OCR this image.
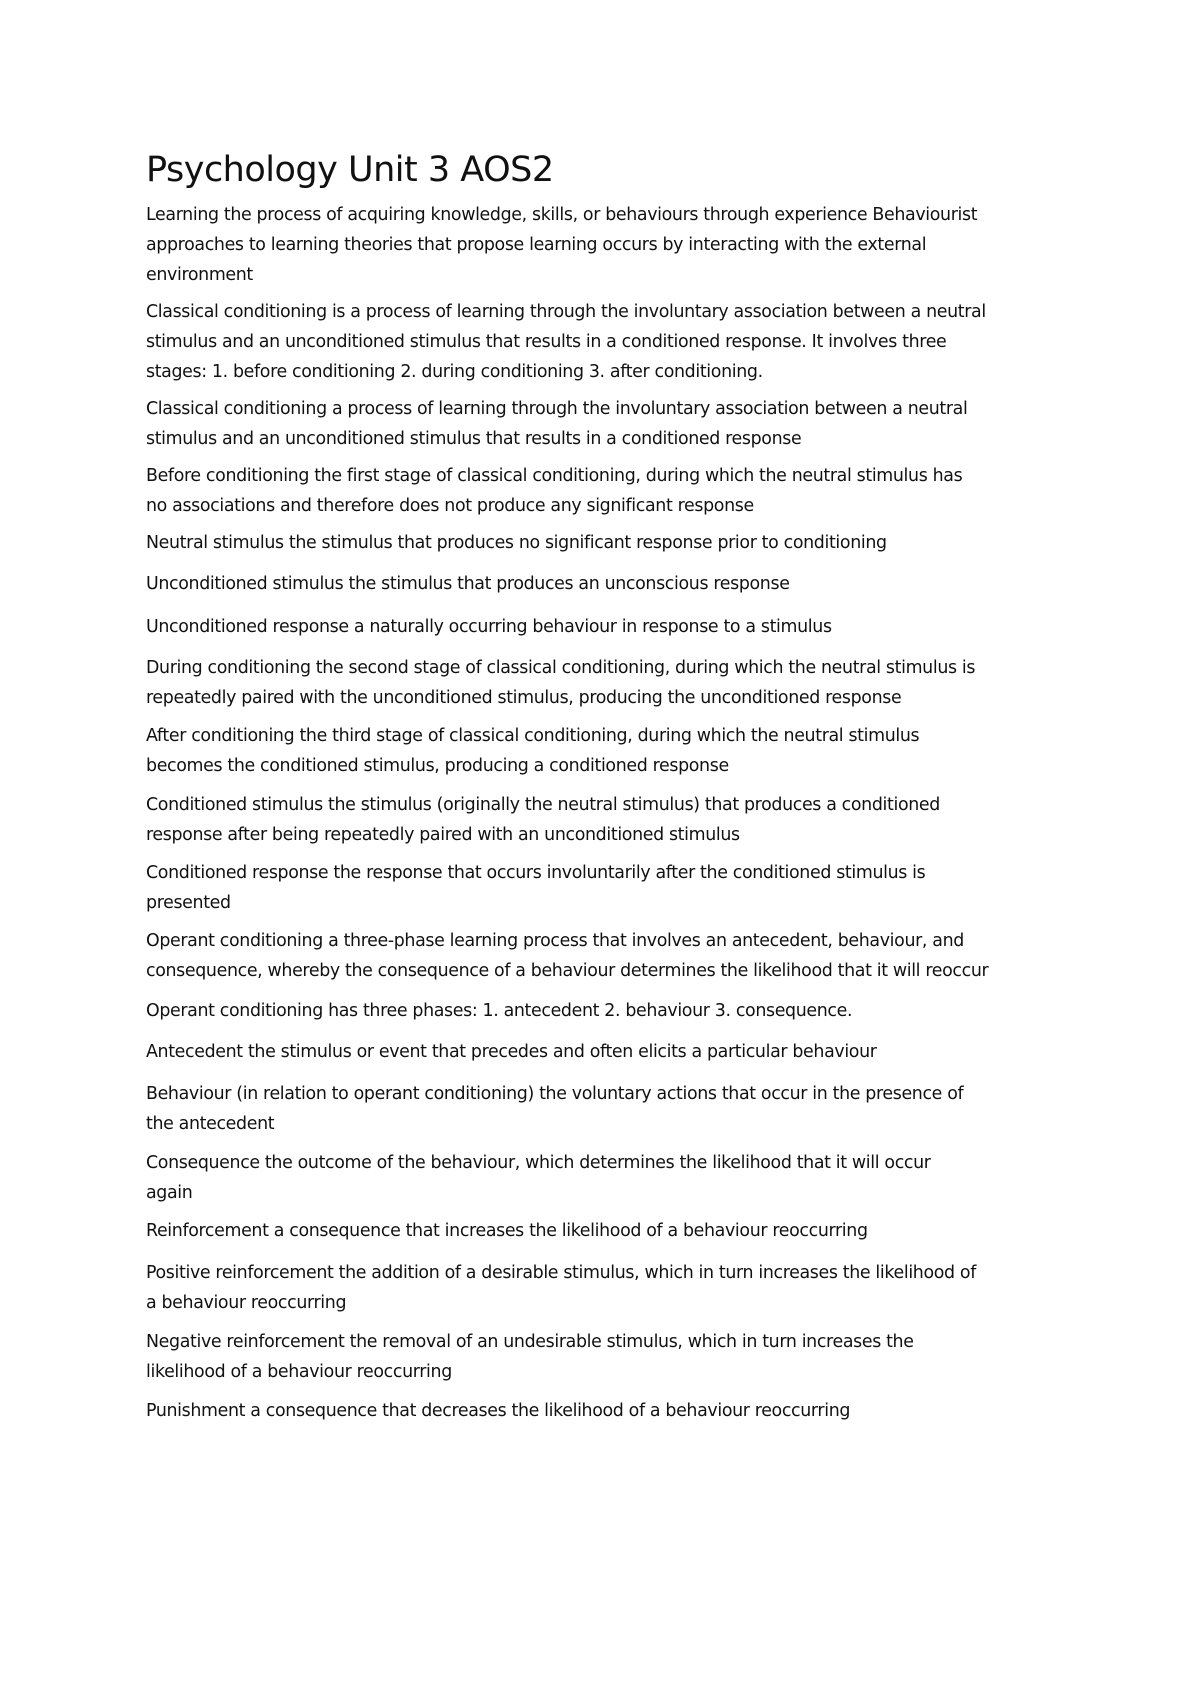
Psychology Unit 3 AOS2

Learning the process of acquiring knowledge, skills, or behaviours through experience Behaviourist
approaches to learning theories that propose learning occurs by interacting with the external
environment

Classical conditioning is a process of learning through the involuntary association between a neutral
stimulus and an unconditioned stimulus that results in a conditioned response. It involves three
stages: 1. before conditioning 2. during conditioning 3. after conditioning.

Classical conditioning a process of learning through the involuntary association between a neutral
stimulus and an unconditioned stimulus that results in a conditioned response

Before conditioning the first stage of classical conditioning, during which the neutral stimulus has
no associations and therefore does not produce any significant response

Neutral stimulus the stimulus that produces no significant response prior to conditioning

Unconditioned stimulus the stimulus that produces an unconscious response

Unconditioned response a naturally occurring behaviour in response to a stimulus

During conditioning the second stage of classical conditioning, during which the neutral stimulus is
repeatedly paired with the unconditioned stimulus, producing the unconditioned response

After conditioning the third stage of classical conditioning, during which the neutral stimulus
becomes the conditioned stimulus, producing a conditioned response

Conditioned stimulus the stimulus (originally the neutral stimulus) that produces a conditioned
response after being repeatedly paired with an unconditioned stimulus

Conditioned response the response that occurs involuntarily after the conditioned stimulus is
presented

Operant conditioning a three-phase learning process that involves an antecedent, behaviour, and
consequence, whereby the consequence of a behaviour determines the likelihood that it will reoccur

Operant conditioning has three phases: 1. antecedent 2. behaviour 3. consequence.

Antecedent the stimulus or event that precedes and often elicits a particular behaviour

Behaviour (in relation to operant conditioning) the voluntary actions that occur in the presence of
the antecedent

Consequence the outcome of the behaviour, which determines the likelihood that it will occur
again

Reinforcement a consequence that increases the likelihood of a behaviour reoccurring

Positive reinforcement the addition of a desirable stimulus, which in turn increases the likelihood of
a behaviour reoccurring

Negative reinforcement the removal of an undesirable stimulus, which in turn increases the
likelihood of a behaviour reoccurring

Punishment a consequence that decreases the likelihood of a behaviour reoccurring
